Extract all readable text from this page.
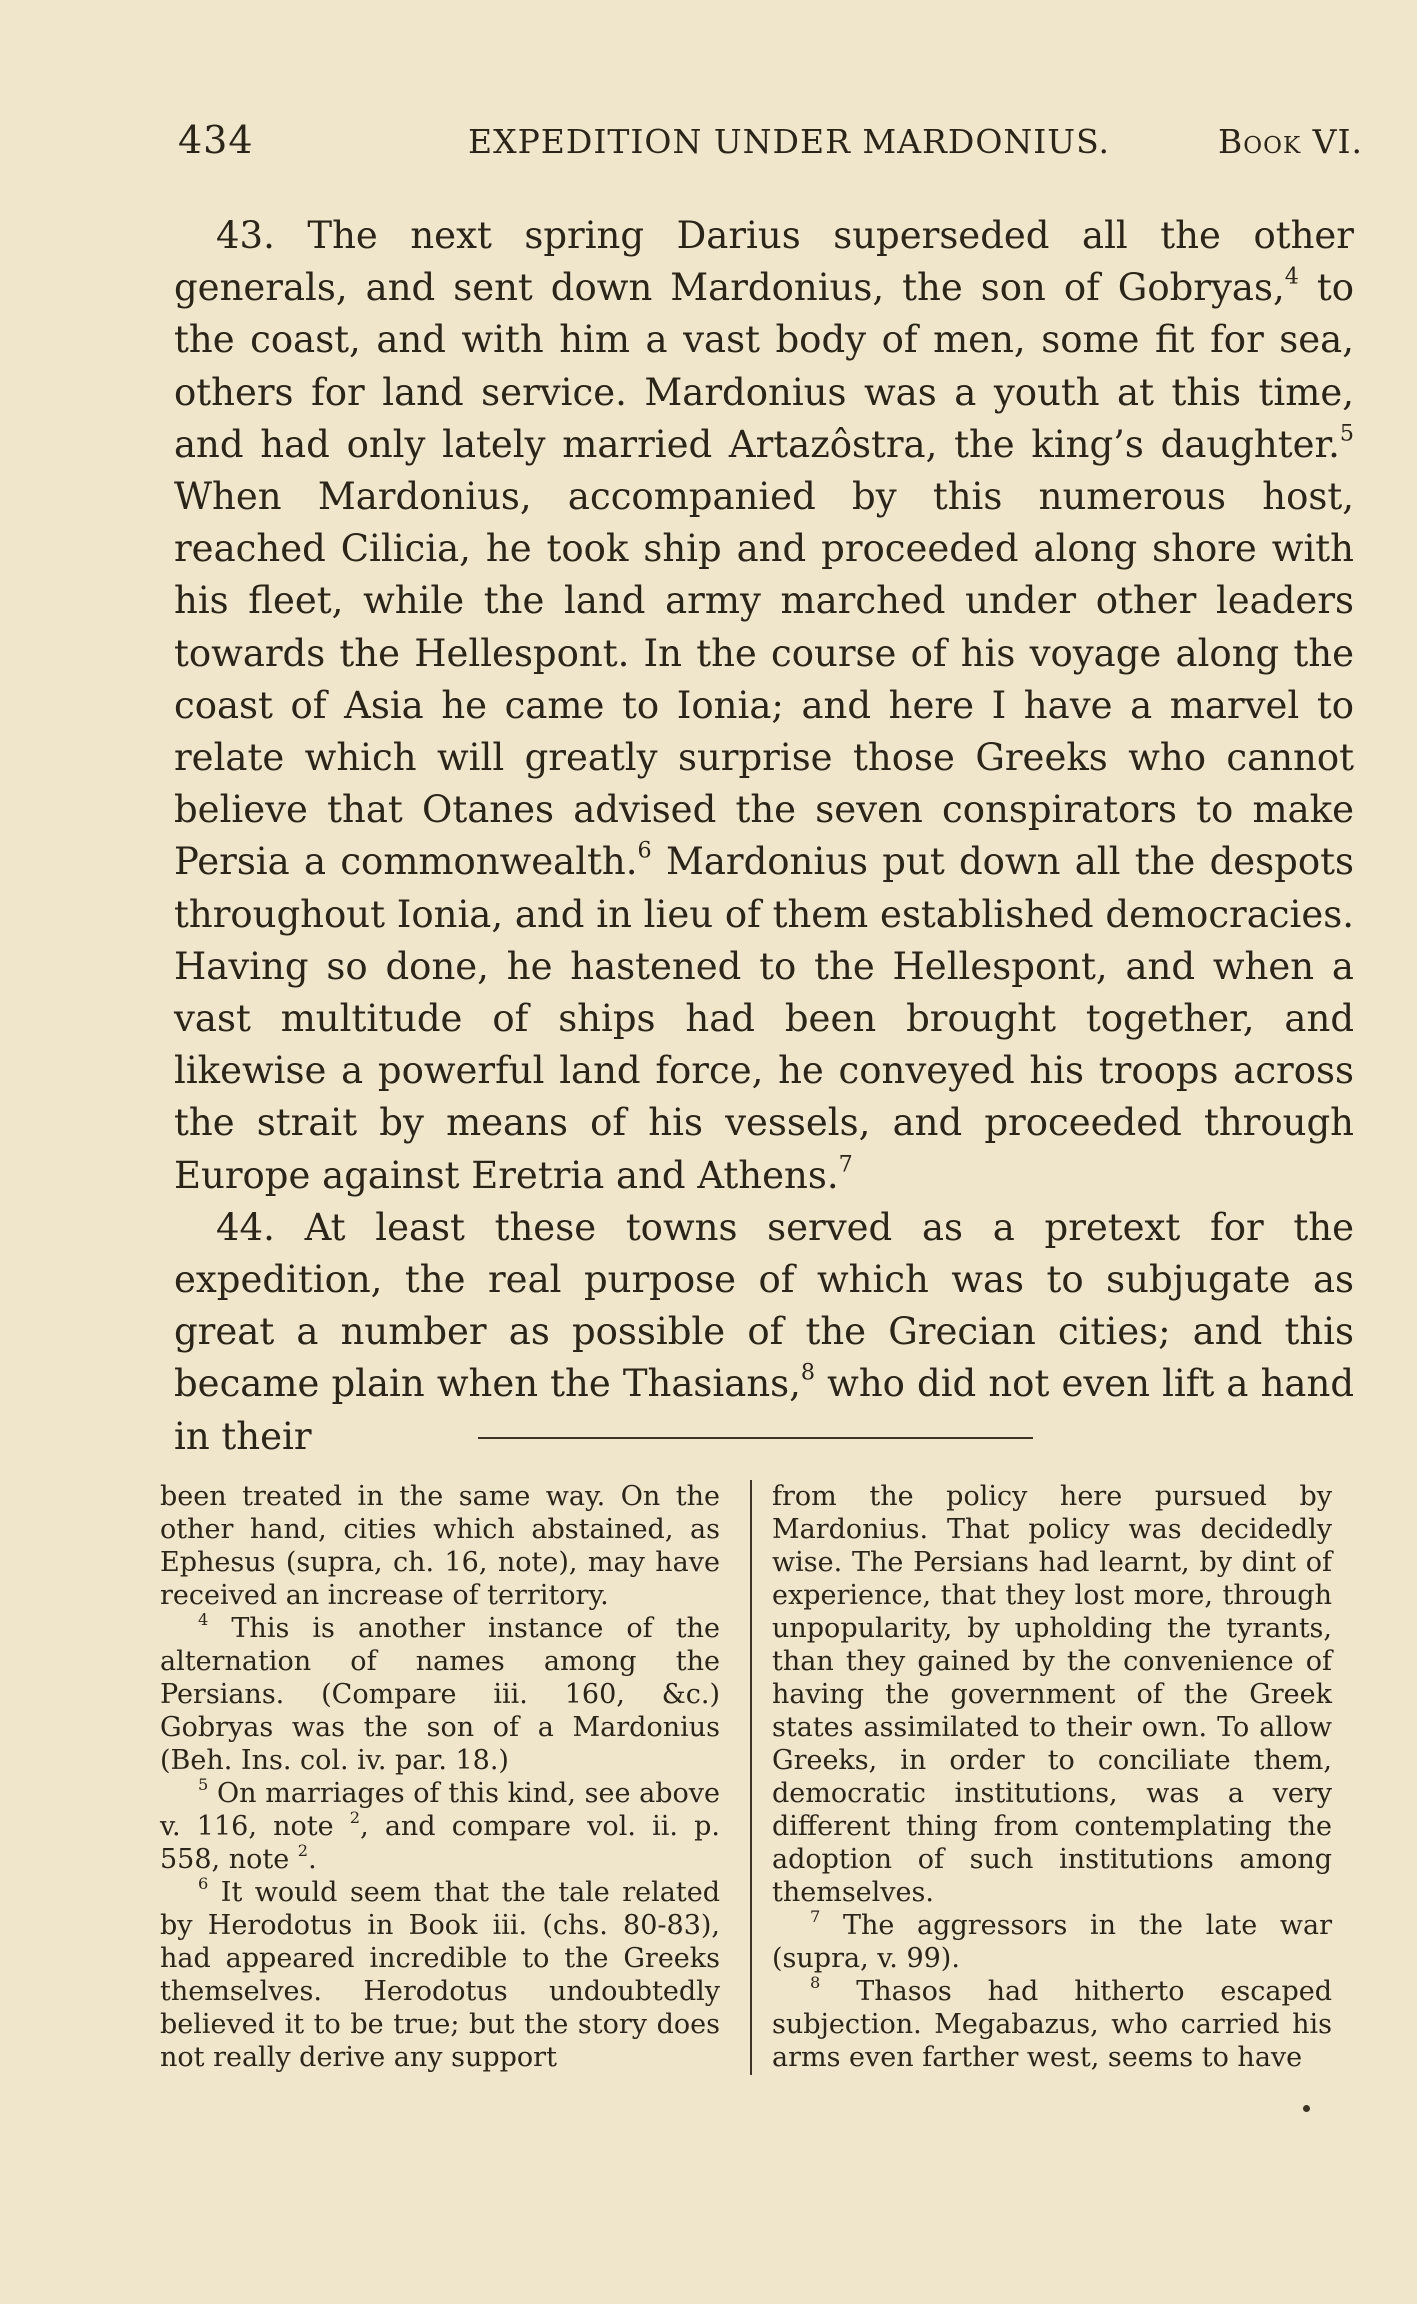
434	EXPEDITION UNDER MARDONIUS.	Book VI.

43. The next spring Darius superseded all the other generals, and sent down Mardonius, the son of Gobryas,$^4$ to the coast, and with him a vast body of men, some fit for sea, others for land service. Mardonius was a youth at this time, and had only lately married Artazôstra, the king’s daughter.$^5$ When Mardonius, accompanied by this numerous host, reached Cilicia, he took ship and proceeded along shore with his fleet, while the land army marched under other leaders towards the Hellespont. In the course of his voyage along the coast of Asia he came to Ionia; and here I have a marvel to relate which will greatly surprise those Greeks who cannot believe that Otanes advised the seven conspirators to make Persia a commonwealth.$^6$ Mardonius put down all the despots throughout Ionia, and in lieu of them established democracies. Having so done, he hastened to the Hellespont, and when a vast multitude of ships had been brought together, and likewise a powerful land force, he conveyed his troops across the strait by means of his vessels, and proceeded through Europe against Eretria and Athens.$^7$

44. At least these towns served as a pretext for the expedition, the real purpose of which was to subjugate as great a number as possible of the Grecian cities; and this became plain when the Thasians,$^8$ who did not even lift a hand in their

been treated in the same way. On the other hand, cities which abstained, as Ephesus (supra, ch. 16, note), may have received an increase of territory.

$^4$ This is another instance of the alternation of names among the Persians. (Compare iii. 160, &c.) Gobryas was the son of a Mardonius (Beh. Ins. col. iv. par. 18.)

$^5$ On marriages of this kind, see above v. 116, note $^2$, and compare vol. ii. p. 558, note $^2$.

$^6$ It would seem that the tale related by Herodotus in Book iii. (chs. 80-83), had appeared incredible to the Greeks themselves. Herodotus undoubtedly believed it to be true; but the story does not really derive any support

from the policy here pursued by Mardonius. That policy was decidedly wise. The Persians had learnt, by dint of experience, that they lost more, through unpopularity, by upholding the tyrants, than they gained by the convenience of having the government of the Greek states assimilated to their own. To allow Greeks, in order to conciliate them, democratic institutions, was a very different thing from contemplating the adoption of such institutions among themselves.

$^7$ The aggressors in the late war (supra, v. 99).

$^8$ Thasos had hitherto escaped subjection. Megabazus, who carried his arms even farther west, seems to have
